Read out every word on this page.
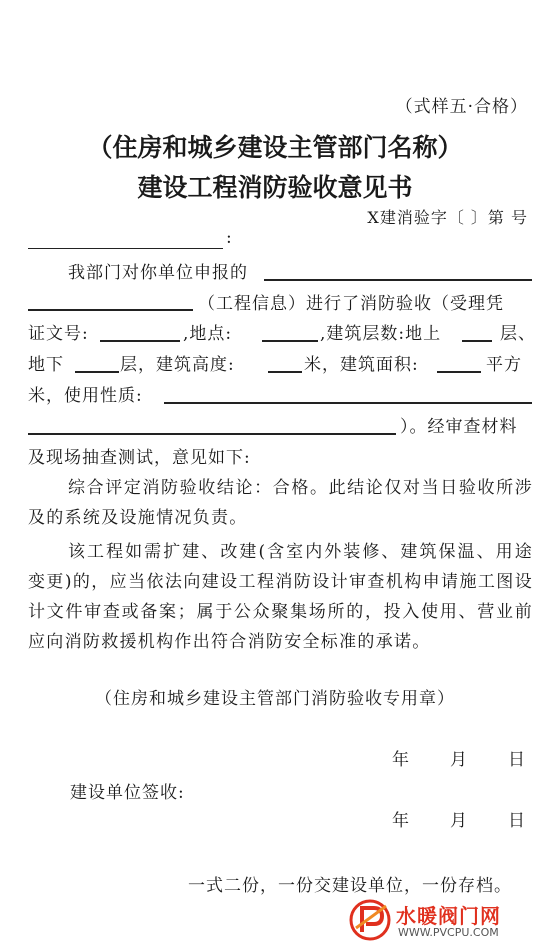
（式样五·合格）
（住房和城乡建设主管部门名称）
建设工程消防验收意见书
X建消验字〔 〕第 号
:
我部门对你单位申报的
（工程信息）进行了消防验收（受理凭
证文号:	,地点:	,建筑层数:地上	层、
地下	层，建筑高度:	米，建筑面积:	平方
米，使用性质:
）。经审查材料
及现场抽查测试，意见如下:
综合评定消防验收结论：合格。此结论仅对当日验收所涉及的系统及设施情况负责。
该工程如需扩建、改建(含室内外装修、建筑保温、用途变更)的，应当依法向建设工程消防设计审查机构申请施工图设计文件审查或备案；属于公众聚集场所的，投入使用、营业前应向消防救援机构作出符合消防安全标准的承诺。
（住房和城乡建设主管部门消防验收专用章）
年 月 日
建设单位签收:
年 月 日
一式二份，一份交建设单位，一份存档。
水暖阀门网
WWW.PVCPU.COM
